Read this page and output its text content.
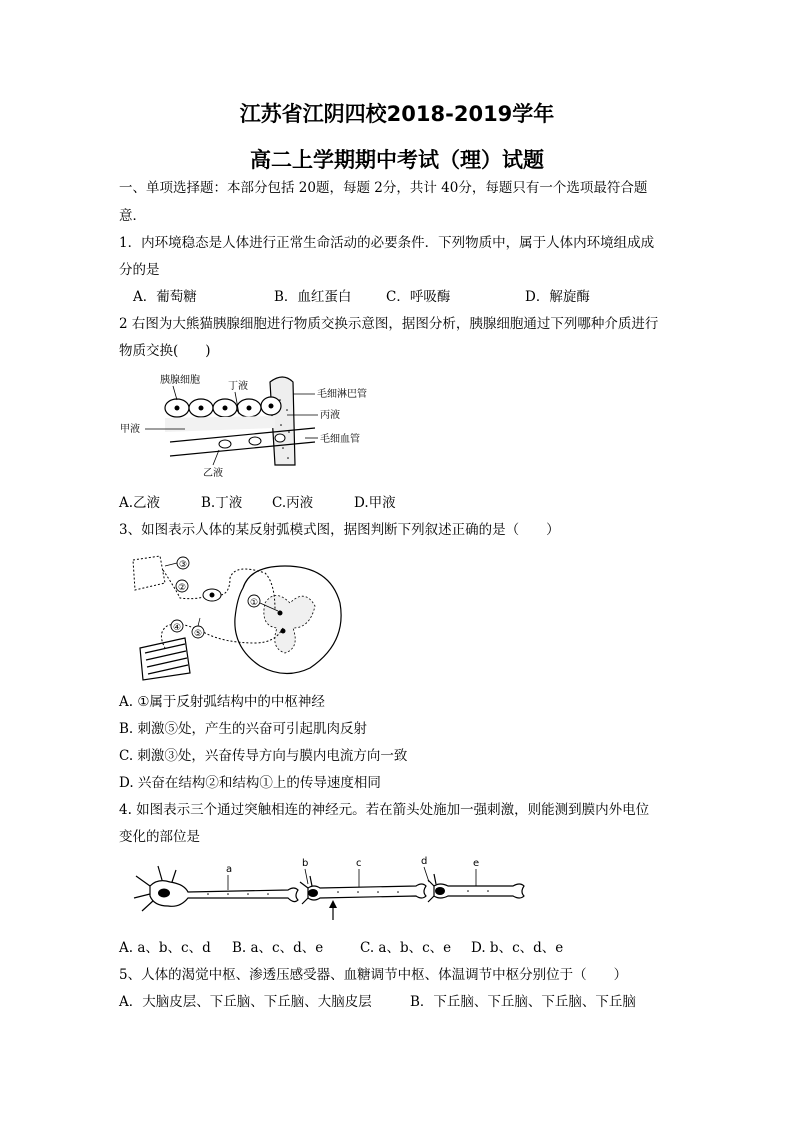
江苏省江阴四校2018-2019学年
高二上学期期中考试（理）试题
一、单项选择题：本部分包括 20题，每题 2分，共计 40分，每题只有一个选项最符合题
意．
1．内环境稳态是人体进行正常生命活动的必要条件．下列物质中，属于人体内环境组成成
分的是
A．葡萄糖	B．血红蛋白	C．呼吸酶	D．解旋酶
2 右图为大熊猫胰腺细胞进行物质交换示意图，据图分析，胰腺细胞通过下列哪种介质进行
物质交换(　　)
胰腺细胞
丁液
毛细淋巴管
丙液
甲液
毛细血管
乙液
A.乙液	B.丁液 C.丙液	D.甲液
3、如图表示人体的某反射弧模式图，据图判断下列叙述正确的是（　　）
③
②
④
⑤
①
A. ①属于反射弧结构中的中枢神经
B. 刺激⑤处，产生的兴奋可引起肌肉反射
C. 刺激③处，兴奋传导方向与膜内电流方向一致
D. 兴奋在结构②和结构①上的传导速度相同
4. 如图表示三个通过突触相连的神经元。若在箭头处施加一强刺激，则能测到膜内外电位
变化的部位是
a
b	c	d	e
A. a、b、c、d B. a、c、d、e	C. a、b、c、e D. b、c、d、e
5、人体的渴觉中枢、渗透压感受器、血糖调节中枢、体温调节中枢分别位于（　　）
A．大脑皮层、下丘脑、下丘脑、大脑皮层	B．下丘脑、下丘脑、下丘脑、下丘脑
